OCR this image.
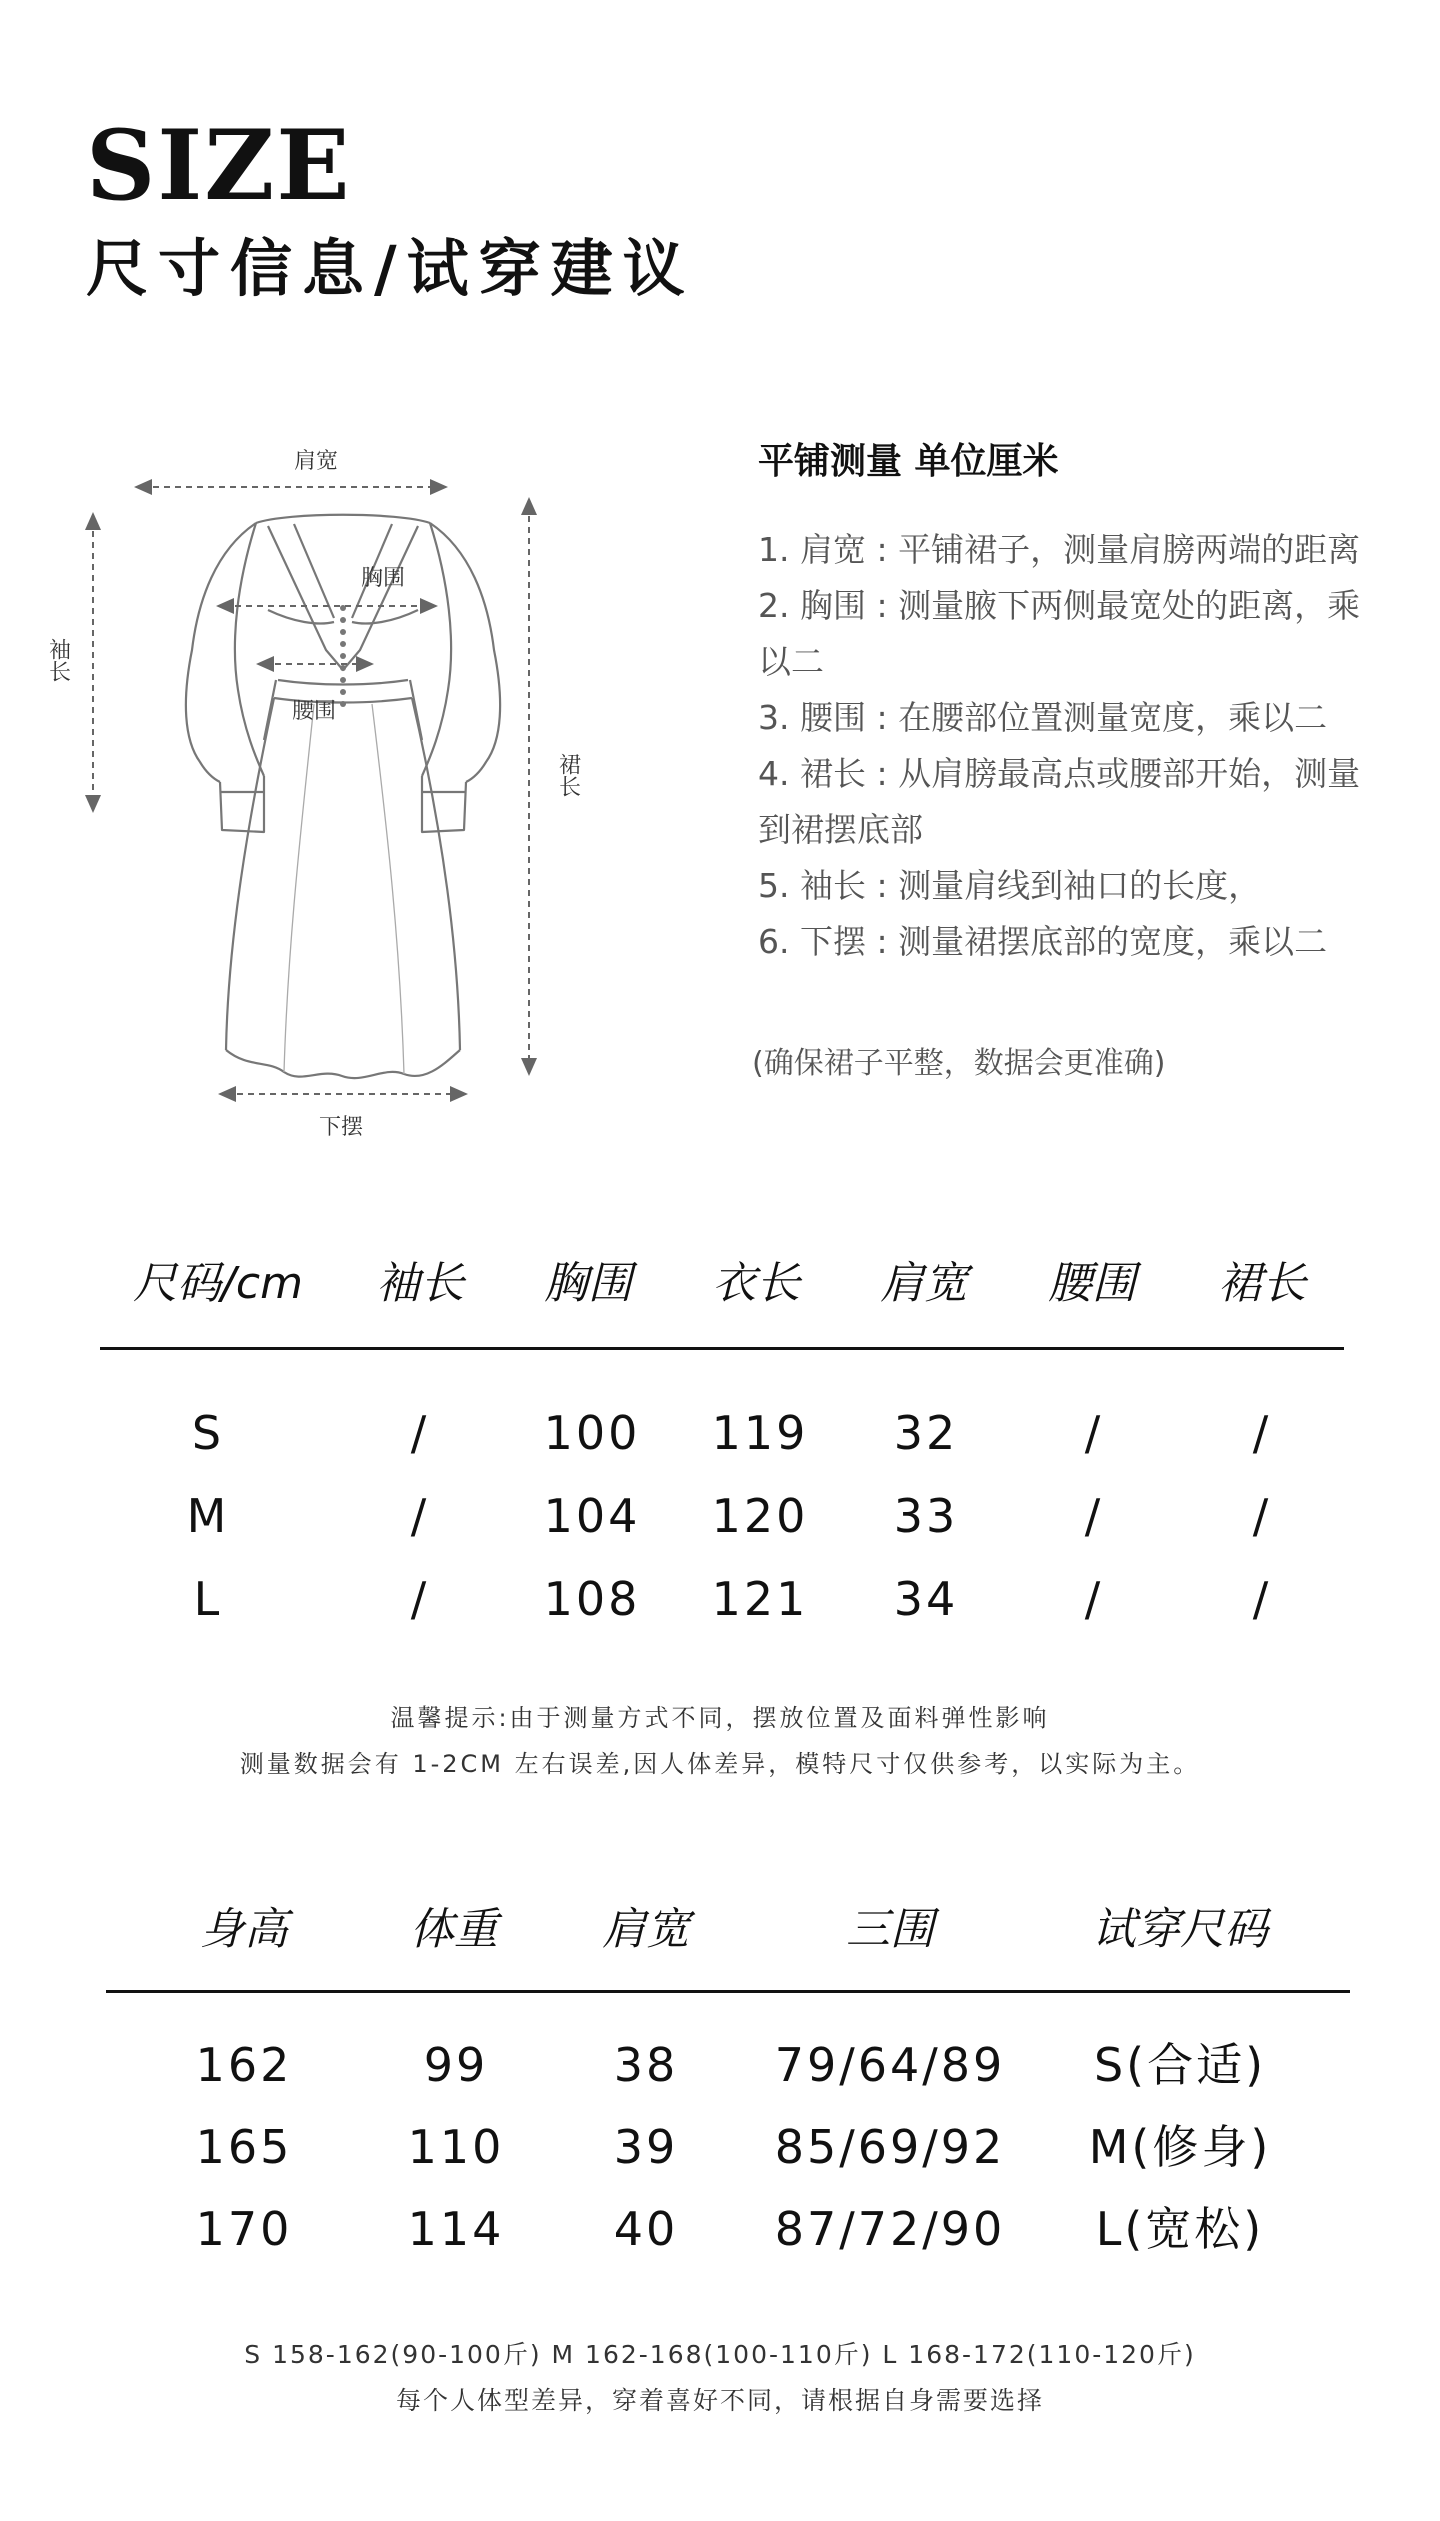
SIZE
尺寸信息/试穿建议
肩宽
胸围
腰围
下摆
袖长
裙长
平铺测量 单位厘米
1. 肩宽 : 平铺裙子，测量肩膀两端的距离
2. 胸围 : 测量腋下两侧最宽处的距离，乘以二
3. 腰围 : 在腰部位置测量宽度，乘以二
4. 裙长 : 从肩膀最高点或腰部开始，测量到裙摆底部
5. 袖长 : 测量肩线到袖口的长度，
6. 下摆 : 测量裙摆底部的宽度，乘以二
(确保裙子平整，数据会更准确)
尺码/cm 袖长 胸围 衣长 肩宽 腰围 裙长
S	/ 100 119 32	/	/
M	/ 104 120 33	/	/
L	/ 108 121 34	/	/
温馨提示:由于测量方式不同，摆放位置及面料弹性影响
测量数据会有 1-2CM 左右误差,因人体差异，模特尺寸仅供参考，以实际为主。
身高	体重 肩宽	三围	试穿尺码
162	99	38 79/64/89 S(合适)
165	110 39 85/69/92 M(修身)
170	114 40 87/72/90 L(宽松)
S 158-162(90-100斤) M 162-168(100-110斤) L 168-172(110-120斤)
每个人体型差异，穿着喜好不同，请根据自身需要选择
